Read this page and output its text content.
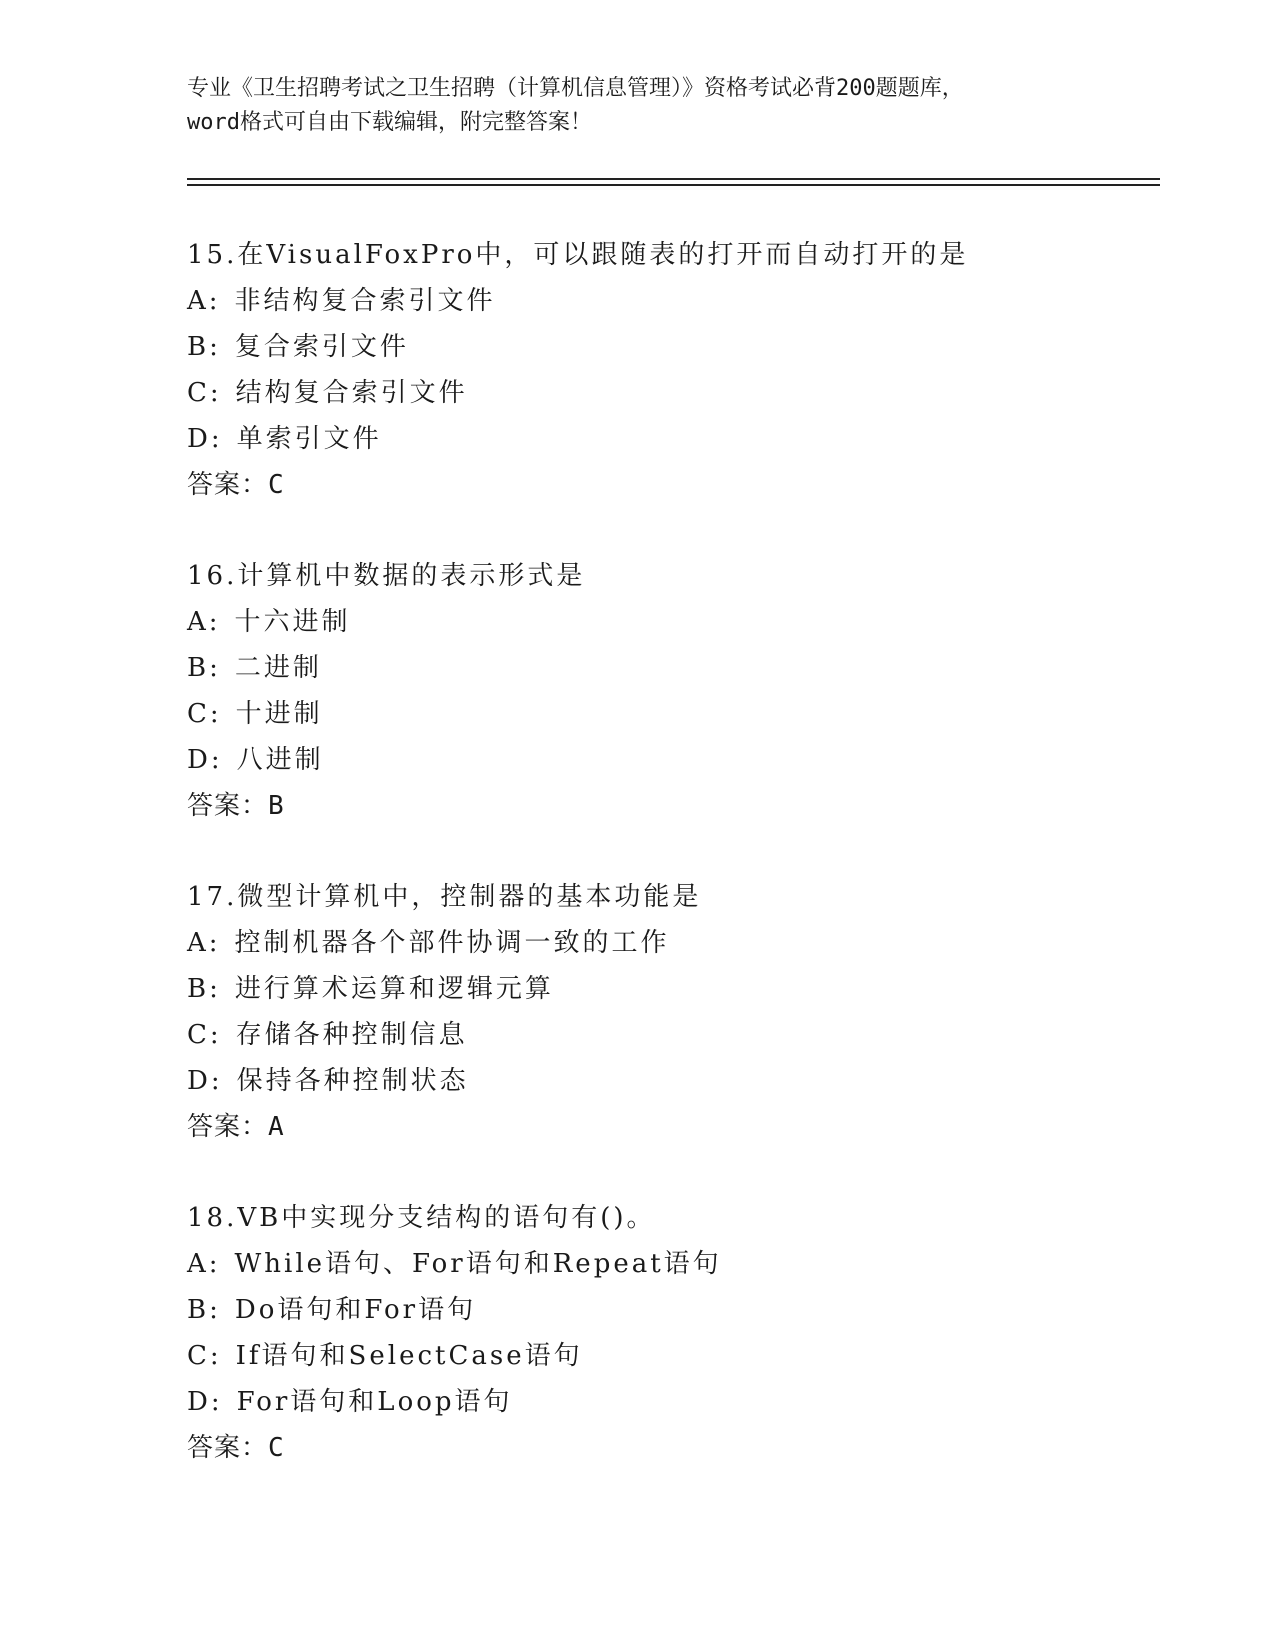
专业《卫生招聘考试之卫生招聘（计算机信息管理）》资格考试必背200题题库，
word格式可自由下载编辑，附完整答案！
15.在VisualFoxPro中，可以跟随表的打开而自动打开的是
A: 非结构复合索引文件
B: 复合索引文件
C: 结构复合索引文件
D: 单索引文件
答案：C
16.计算机中数据的表示形式是
A: 十六进制
B: 二进制
C: 十进制
D: 八进制
答案：B
17.微型计算机中，控制器的基本功能是
A: 控制机器各个部件协调一致的工作
B: 进行算术运算和逻辑元算
C: 存储各种控制信息
D: 保持各种控制状态
答案：A
18.VB中实现分支结构的语句有()。
A: While语句、For语句和Repeat语句
B: Do语句和For语句
C: If语句和SelectCase语句
D: For语句和Loop语句
答案：C
